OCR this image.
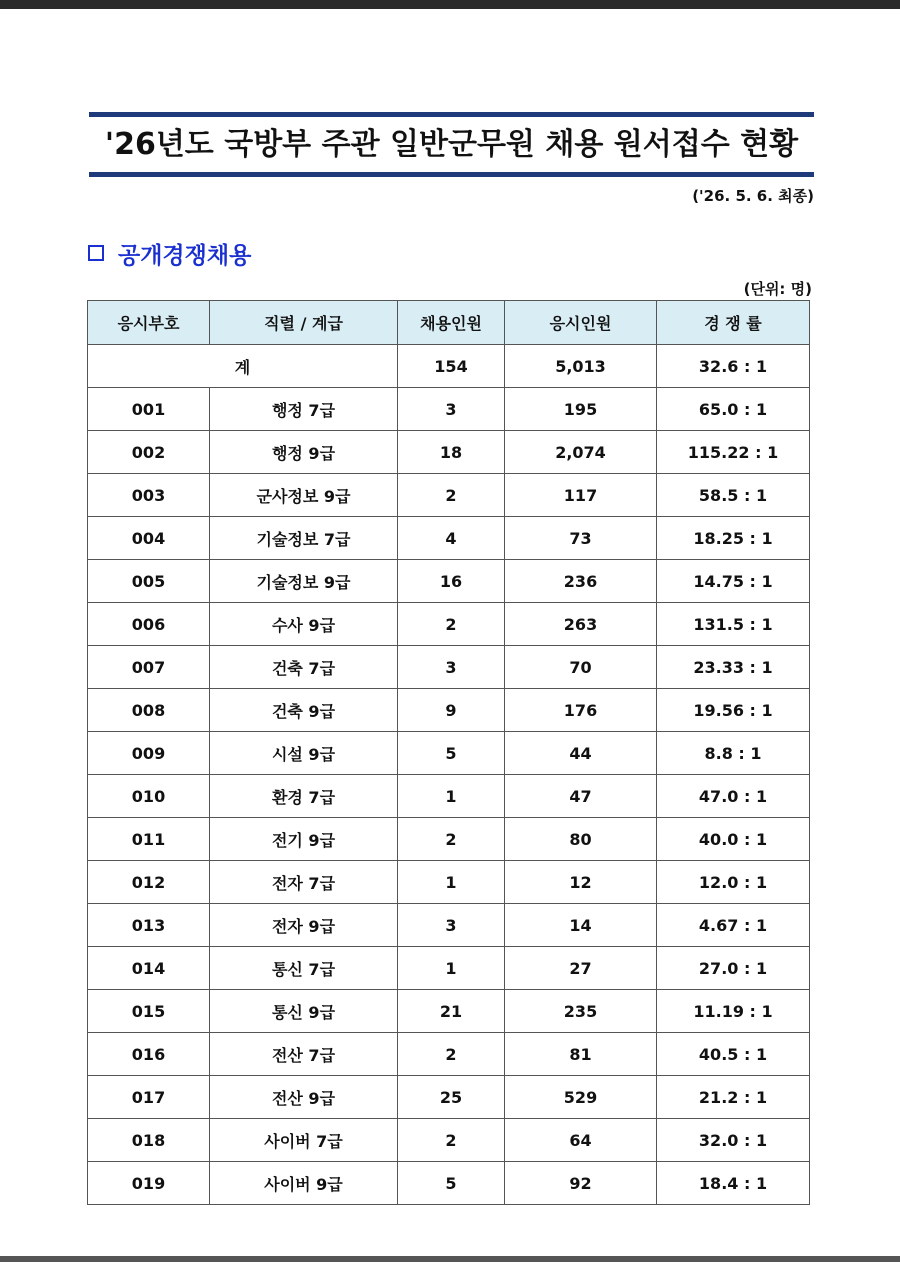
'26년도 국방부 주관 일반군무원 채용 원서접수 현황
('26. 5. 6. 최종)
공개경쟁채용
(단위: 명)
응시부호	직렬 / 계급	채용인원	응시인원	경 쟁 률
계		154	5,013	32.6 : 1
001	행정 7급	3	195	65.0 : 1
002	행정 9급	18	2,074	115.22 : 1
003	군사정보 9급	2	117	58.5 : 1
004	기술정보 7급	4	73	18.25 : 1
005	기술정보 9급	16	236	14.75 : 1
006	수사 9급	2	263	131.5 : 1
007	건축 7급	3	70	23.33 : 1
008	건축 9급	9	176	19.56 : 1
009	시설 9급	5	44	8.8 : 1
010	환경 7급	1	47	47.0 : 1
011	전기 9급	2	80	40.0 : 1
012	전자 7급	1	12	12.0 : 1
013	전자 9급	3	14	4.67 : 1
014	통신 7급	1	27	27.0 : 1
015	통신 9급	21	235	11.19 : 1
016	전산 7급	2	81	40.5 : 1
017	전산 9급	25	529	21.2 : 1
018	사이버 7급	2	64	32.0 : 1
019	사이버 9급	5	92	18.4 : 1
